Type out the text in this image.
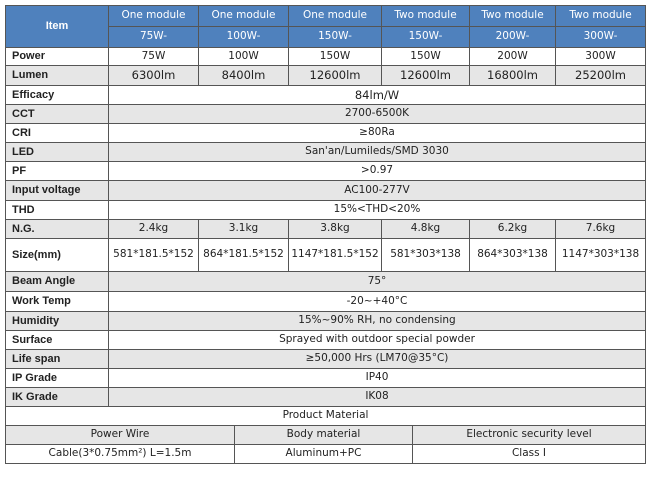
Item	One module	One module	One module	Two module	Two module	Two module
	75W-	100W-	150W-	150W-	200W-	300W-
Power	75W	100W	150W	150W	200W	300W
Lumen	6300lm	8400lm	12600lm	12600lm	16800lm	25200lm
Efficacy	84lm/W					
CCT	2700-6500K					
CRI	≥80Ra					
LED	San'an/Lumileds/SMD 3030					
PF	>0.97					
Input voltage	AC100-277V					
THD	15%<THD<20%					
N.G.	2.4kg	3.1kg	3.8kg	4.8kg	6.2kg	7.6kg
Size(mm)	581*181.5*152	864*181.5*152	1147*181.5*152	581*303*138	864*303*138	1147*303*138
Beam Angle	75°					
Work Temp	-20~+40°C					
Humidity	15%~90% RH, no condensing					
Surface	Sprayed with outdoor special powder					
Life span	≥50,000 Hrs (LM70@35°C)					
IP Grade	IP40					
IK Grade	IK08					
Product Material		
Power Wire	Body material	Electronic security level
Cable(3*0.75mm²) L=1.5m	Aluminum+PC	Class I
